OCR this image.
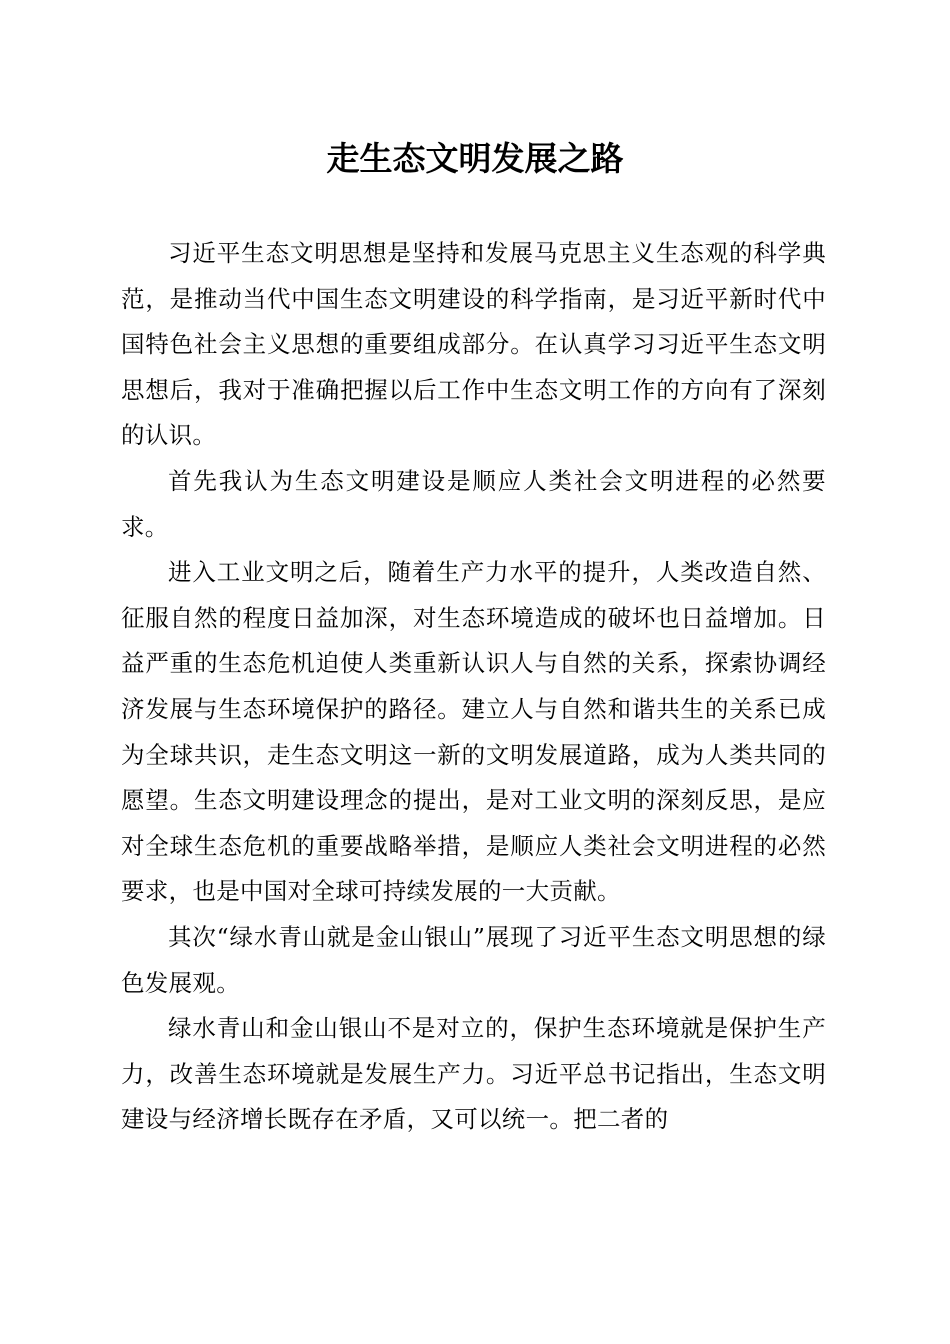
走生态文明发展之路

习近平生态文明思想是坚持和发展马克思主义生态观的科学典范，是推动当代中国生态文明建设的科学指南，是习近平新时代中国特色社会主义思想的重要组成部分。在认真学习习近平生态文明思想后，我对于准确把握以后工作中生态文明工作的方向有了深刻的认识。

首先我认为生态文明建设是顺应人类社会文明进程的必然要求。

进入工业文明之后，随着生产力水平的提升，人类改造自然、征服自然的程度日益加深，对生态环境造成的破坏也日益增加。日益严重的生态危机迫使人类重新认识人与自然的关系，探索协调经济发展与生态环境保护的路径。建立人与自然和谐共生的关系已成为全球共识，走生态文明这一新的文明发展道路，成为人类共同的愿望。生态文明建设理念的提出，是对工业文明的深刻反思，是应对全球生态危机的重要战略举措，是顺应人类社会文明进程的必然要求，也是中国对全球可持续发展的一大贡献。

其次“绿水青山就是金山银山”展现了习近平生态文明思想的绿色发展观。

绿水青山和金山银山不是对立的，保护生态环境就是保护生产力，改善生态环境就是发展生产力。习近平总书记指出，生态文明建设与经济增长既存在矛盾，又可以统一。把二者的
